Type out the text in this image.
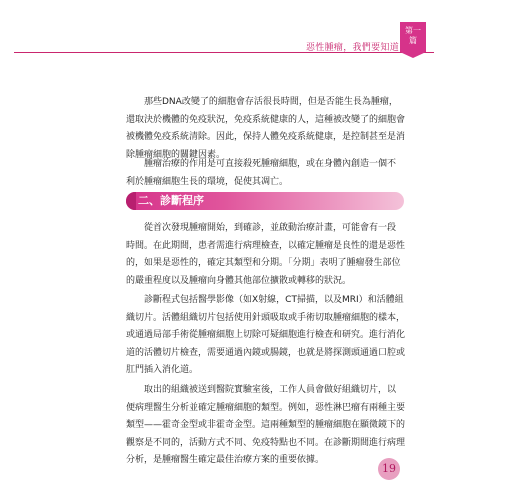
惡性腫瘤，我們要知道
第一
篇

那些DNA改變了的細胞會存活很長時間，但是否能生長為腫瘤，
還取決於機體的免疫狀況，免疫系統健康的人，這種被改變了的細胞會
被機體免疫系統清除。因此，保持人體免疫系統健康，是控制甚至是消
除腫瘤細胞的關鍵因素。

腫瘤治療的作用是可直接殺死腫瘤細胞，或在身體內創造一個不
利於腫瘤細胞生長的環境，促使其凋亡。

二、診斷程序

從首次發現腫瘤開始，到確診，並啟動治療計畫，可能會有一段
時間。在此期間，患者需進行病理檢查，以確定腫瘤是良性的還是惡性
的，如果是惡性的，確定其類型和分期。「分期」表明了腫瘤發生部位
的嚴重程度以及腫瘤向身體其他部位擴散或轉移的狀況。

診斷程式包括醫學影像（如X射線，CT掃描，以及MRI）和活體組
織切片。活體組織切片包括使用針頭吸取或手術切取腫瘤細胞的樣本，
或通過局部手術從腫瘤細胞上切除可疑細胞進行檢查和研究。進行消化
道的活體切片檢查，需要通過內鏡或腸鏡，也就是將探測頭通過口腔或
肛門插入消化道。

取出的組織被送到醫院實驗室後，工作人員會做好組織切片，以
便病理醫生分析並確定腫瘤細胞的類型。例如，惡性淋巴瘤有兩種主要
類型——霍奇金型或非霍奇金型。這兩種類型的腫瘤細胞在顯微鏡下的
觀察是不同的，活動方式不同、免疫特點也不同。在診斷期間進行病理
分析，是腫瘤醫生確定最佳治療方案的重要依據。

19
